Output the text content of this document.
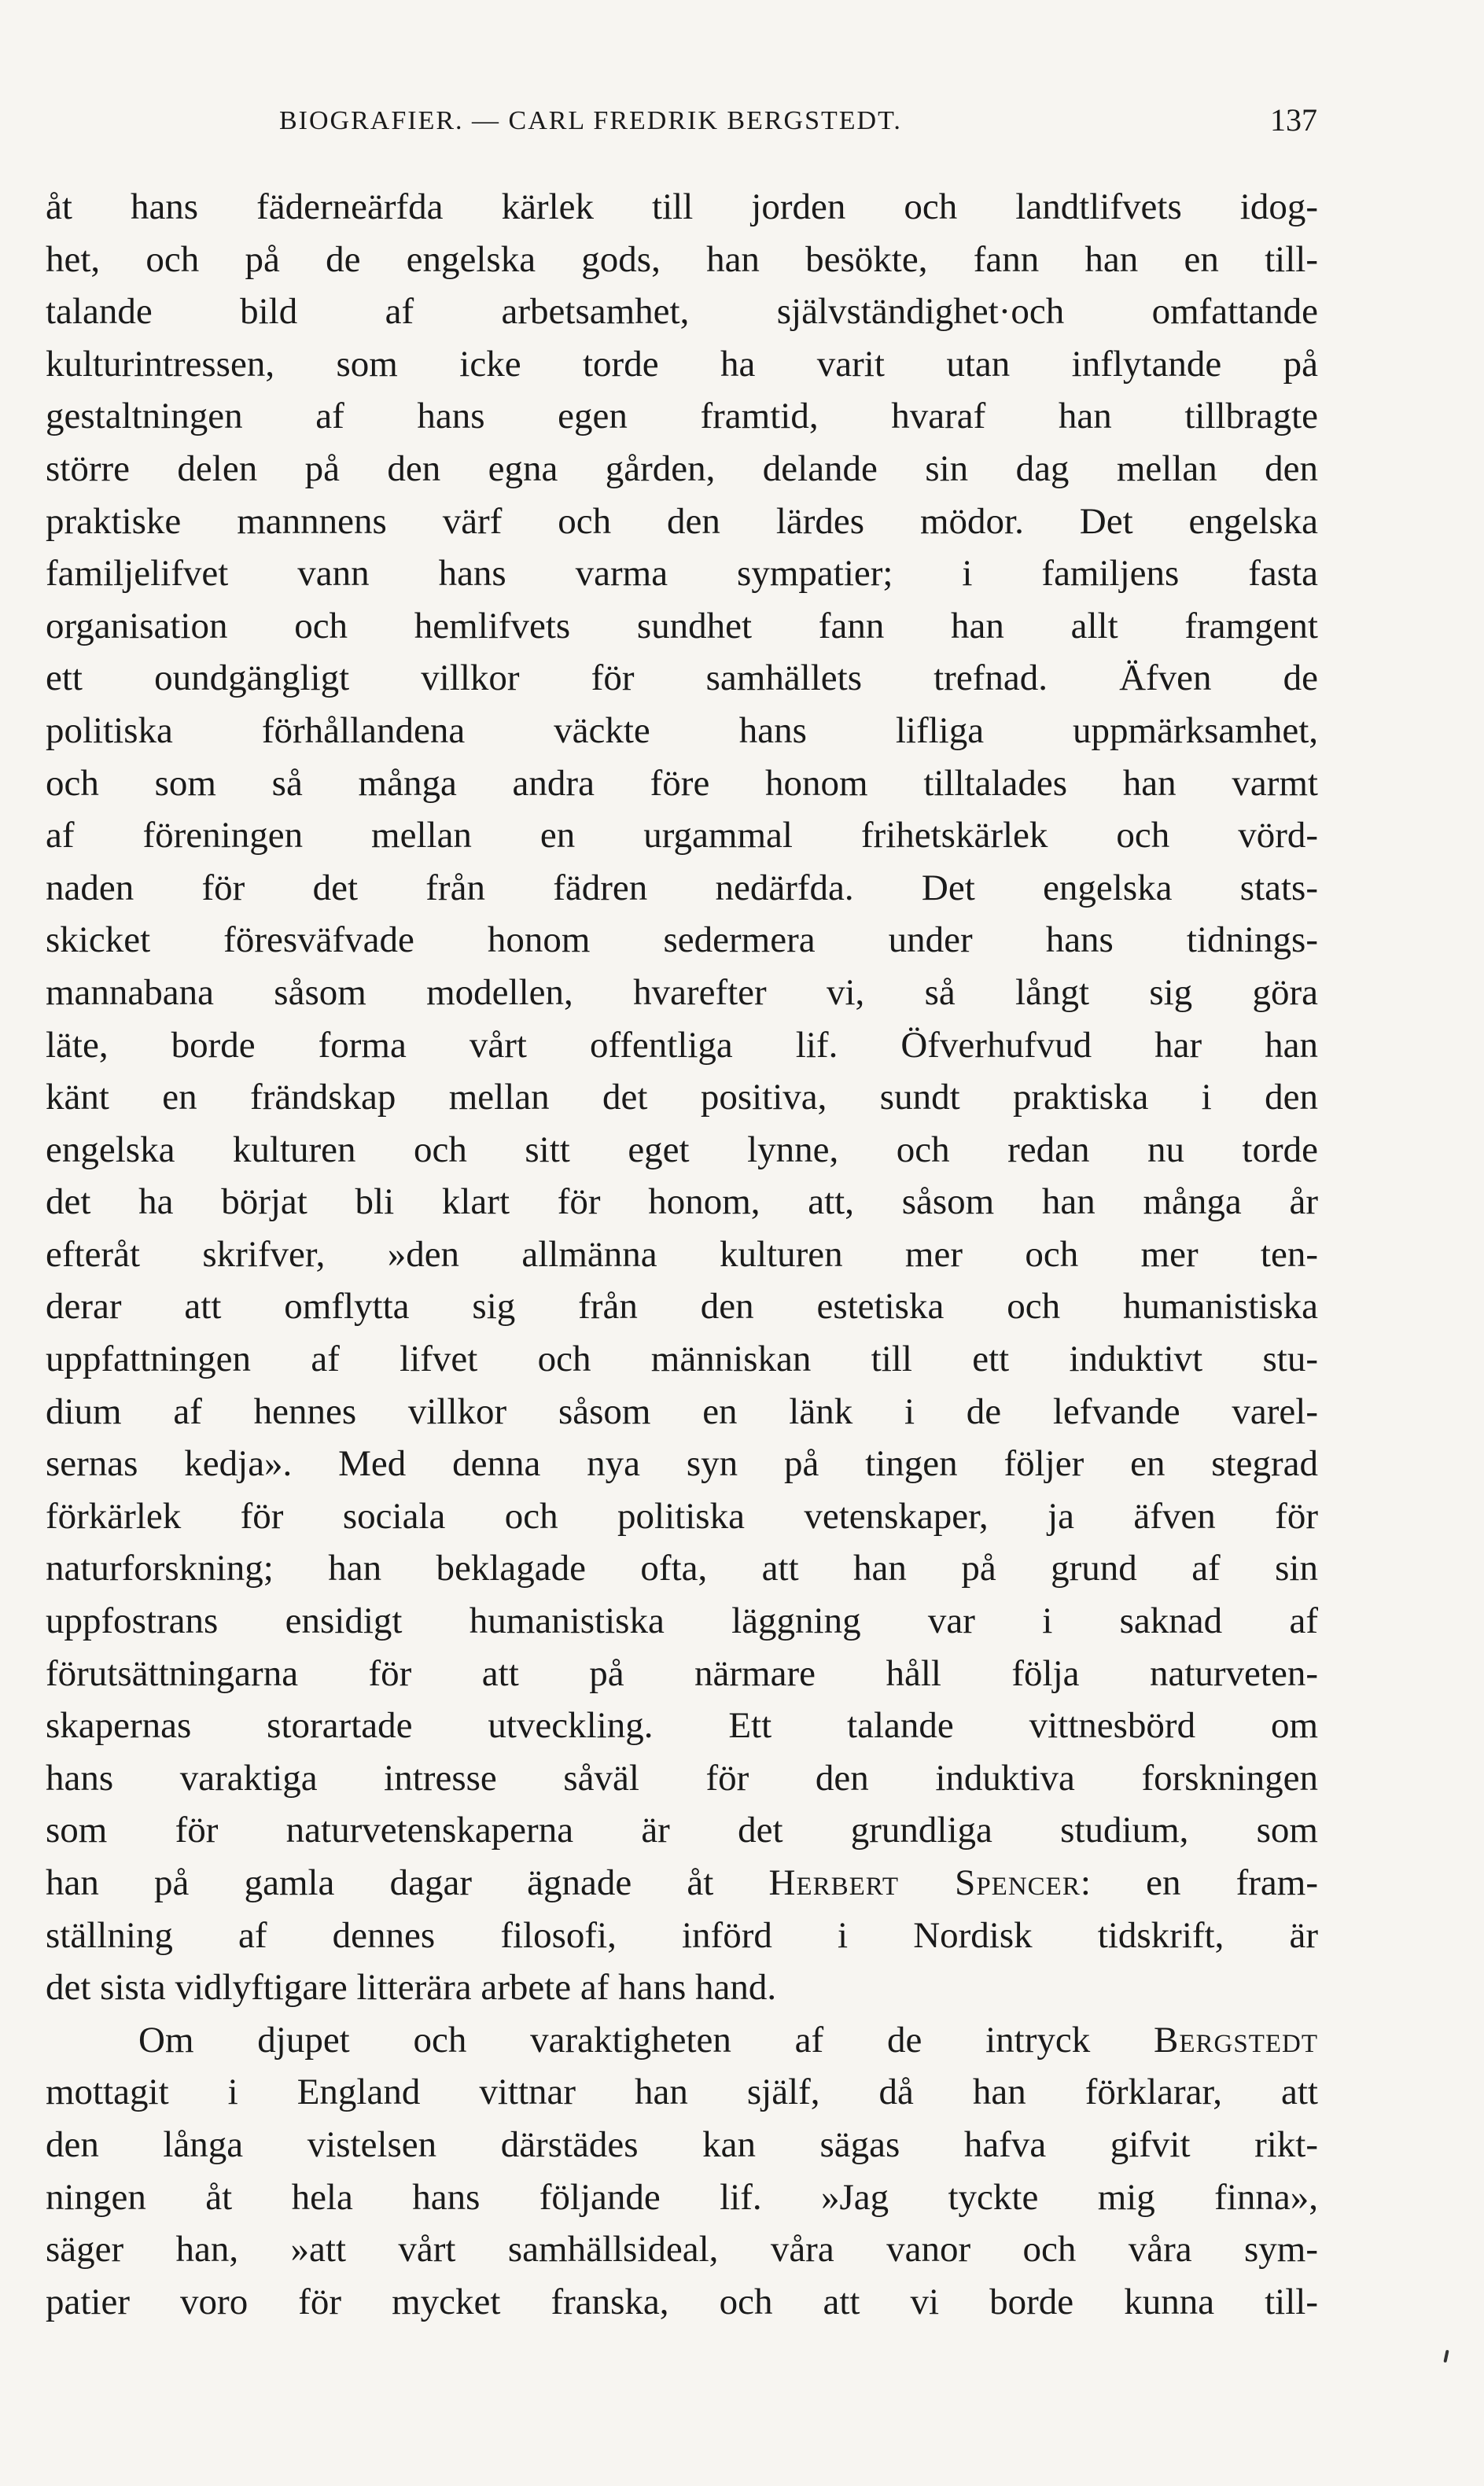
BIOGRAFIER. — CARL FREDRIK BERGSTEDT.	137
åt hans fäderneärfda kärlek till jorden och landtlifvets idog-
het, och på de engelska gods, han besökte, fann han en till-
talande bild af arbetsamhet, självständighet·och omfattande
kulturintressen, som icke torde ha varit utan inflytande på
gestaltningen af hans egen framtid, hvaraf han tillbragte
större delen på den egna gården, delande sin dag mellan den
praktiske mannnens värf och den lärdes mödor. Det engelska
familjelifvet vann hans varma sympatier; i familjens fasta
organisation och hemlifvets sundhet fann han allt framgent
ett oundgängligt villkor för samhällets trefnad. Äfven de
politiska förhållandena väckte hans lifliga uppmärksamhet,
och som så många andra före honom tilltalades han varmt
af föreningen mellan en urgammal frihetskärlek och vörd-
naden för det från fädren nedärfda. Det engelska stats-
skicket föresväfvade honom sedermera under hans tidnings-
mannabana såsom modellen, hvarefter vi, så långt sig göra
läte, borde forma vårt offentliga lif. Öfverhufvud har han
känt en frändskap mellan det positiva, sundt praktiska i den
engelska kulturen och sitt eget lynne, och redan nu torde
det ha börjat bli klart för honom, att, såsom han många år
efteråt skrifver, »den allmänna kulturen mer och mer ten-
derar att omflytta sig från den estetiska och humanistiska
uppfattningen af lifvet och människan till ett induktivt stu-
dium af hennes villkor såsom en länk i de lefvande varel-
sernas kedja». Med denna nya syn på tingen följer en stegrad
förkärlek för sociala och politiska vetenskaper, ja äfven för
naturforskning; han beklagade ofta, att han på grund af sin
uppfostrans ensidigt humanistiska läggning var i saknad af
förutsättningarna för att på närmare håll följa naturveten-
skapernas storartade utveckling. Ett talande vittnesbörd om
hans varaktiga intresse såväl för den induktiva forskningen
som för naturvetenskaperna är det grundliga studium, som
han på gamla dagar ägnade åt Herbert Spencer: en fram-
ställning af dennes filosofi, införd i Nordisk tidskrift, är
det sista vidlyftigare litterära arbete af hans hand.
Om djupet och varaktigheten af de intryck Bergstedt
mottagit i England vittnar han själf, då han förklarar, att
den långa vistelsen därstädes kan sägas hafva gifvit rikt-
ningen åt hela hans följande lif. »Jag tyckte mig finna»,
säger han, »att vårt samhällsideal, våra vanor och våra sym-
patier voro för mycket franska, och att vi borde kunna till-
